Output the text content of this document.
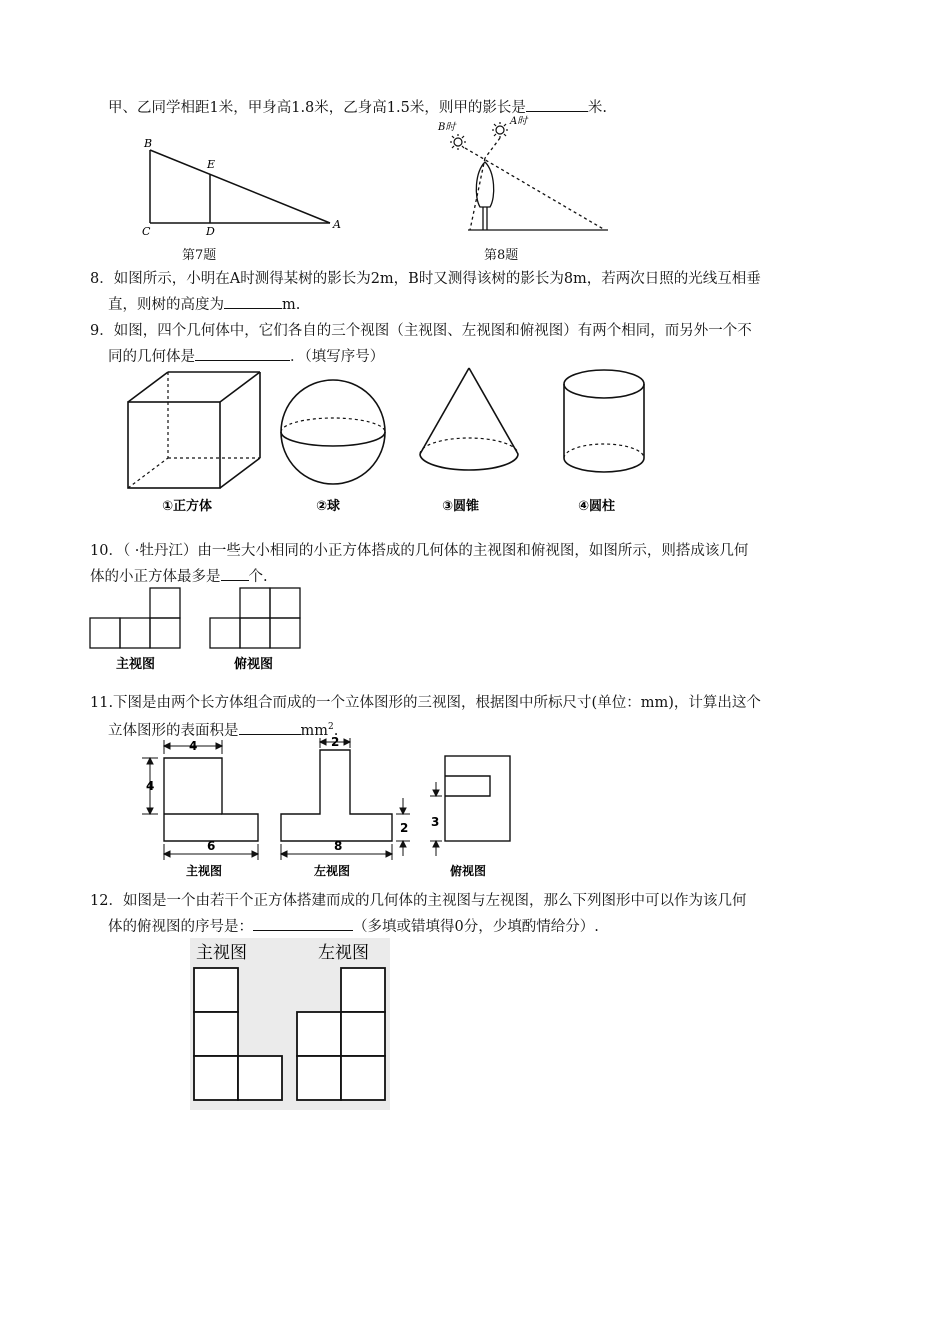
甲、乙同学相距1米，甲身高1.8米，乙身高1.5米，则甲的影长是	米.
B
E
C	D
A
第7题
B时
A时
第8题
8．如图所示，小明在A时测得某树的影长为2m，B时又测得该树的影长为8m，若两次日照的光线互相垂
直，则树的高度为	m.
9．如图，四个几何体中，它们各自的三个视图（主视图、左视图和俯视图）有两个相同，而另外一个不
同的几何体是	．（填写序号）
①正方体	②球	③圆锥	④圆柱
10．（ ·牡丹江）由一些大小相同的小正方体搭成的几何体的主视图和俯视图，如图所示，则搭成该几何
体的小正方体最多是 个.
主视图	俯视图
11.下图是由两个长方体组合而成的一个立体图形的三视图，根据图中所标尺寸(单位：mm)，计算出这个
立体图形的表面积是	$mm^2$.
4
4
6
2
2
8
3
主视图	左视图	俯视图
12．如图是一个由若干个正方体搭建而成的几何体的主视图与左视图，那么下列图形中可以作为该几何
体的俯视图的序号是：	（多填或错填得0分，少填酌情给分）.
主视图	左视图
